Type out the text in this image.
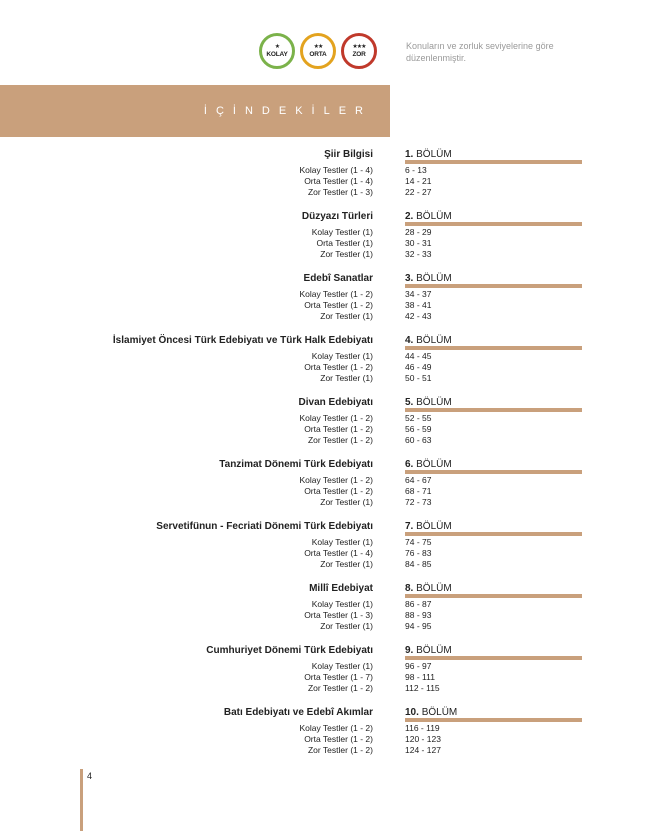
★
KOLAY
★★
ORTA
★★★
ZOR
Konuların ve zorluk seviyelerine göre düzenlenmiştir.
İÇİNDEKİLER
Şiir Bilgisi	1. BÖLÜM
Kolay Testler (1 - 4)	6 - 13
Orta Testler (1 - 4)	14 - 21
Zor Testler (1 - 3)	22 - 27
Düzyazı Türleri	2. BÖLÜM
Kolay Testler (1)	28 - 29
Orta Testler (1)	30 - 31
Zor Testler (1)	32 - 33
Edebî Sanatlar	3. BÖLÜM
Kolay Testler (1 - 2)	34 - 37
Orta Testler (1 - 2)	38 - 41
Zor Testler (1)	42 - 43
İslamiyet Öncesi Türk Edebiyatı ve Türk Halk Edebiyatı	4. BÖLÜM
Kolay Testler (1)	44 - 45
Orta Testler (1 - 2)	46 - 49
Zor Testler (1)	50 - 51
Divan Edebiyatı	5. BÖLÜM
Kolay Testler (1 - 2)	52 - 55
Orta Testler (1 - 2)	56 - 59
Zor Testler (1 - 2)	60 - 63
Tanzimat Dönemi Türk Edebiyatı	6. BÖLÜM
Kolay Testler (1 - 2)	64 - 67
Orta Testler (1 - 2)	68 - 71
Zor Testler (1)	72 - 73
Servetifünun - Fecriati Dönemi Türk Edebiyatı	7. BÖLÜM
Kolay Testler (1)	74 - 75
Orta Testler (1 - 4)	76 - 83
Zor Testler (1)	84 - 85
Millî Edebiyat	8. BÖLÜM
Kolay Testler (1)	86 - 87
Orta Testler (1 - 3)	88 - 93
Zor Testler (1)	94 - 95
Cumhuriyet Dönemi Türk Edebiyatı	9. BÖLÜM
Kolay Testler (1)	96 - 97
Orta Testler (1 - 7)	98 - 111
Zor Testler (1 - 2)	112 - 115
Batı Edebiyatı ve Edebî Akımlar	10. BÖLÜM
Kolay Testler (1 - 2)	116 - 119
Orta Testler (1 - 2)	120 - 123
Zor Testler (1 - 2)	124 - 127
4
